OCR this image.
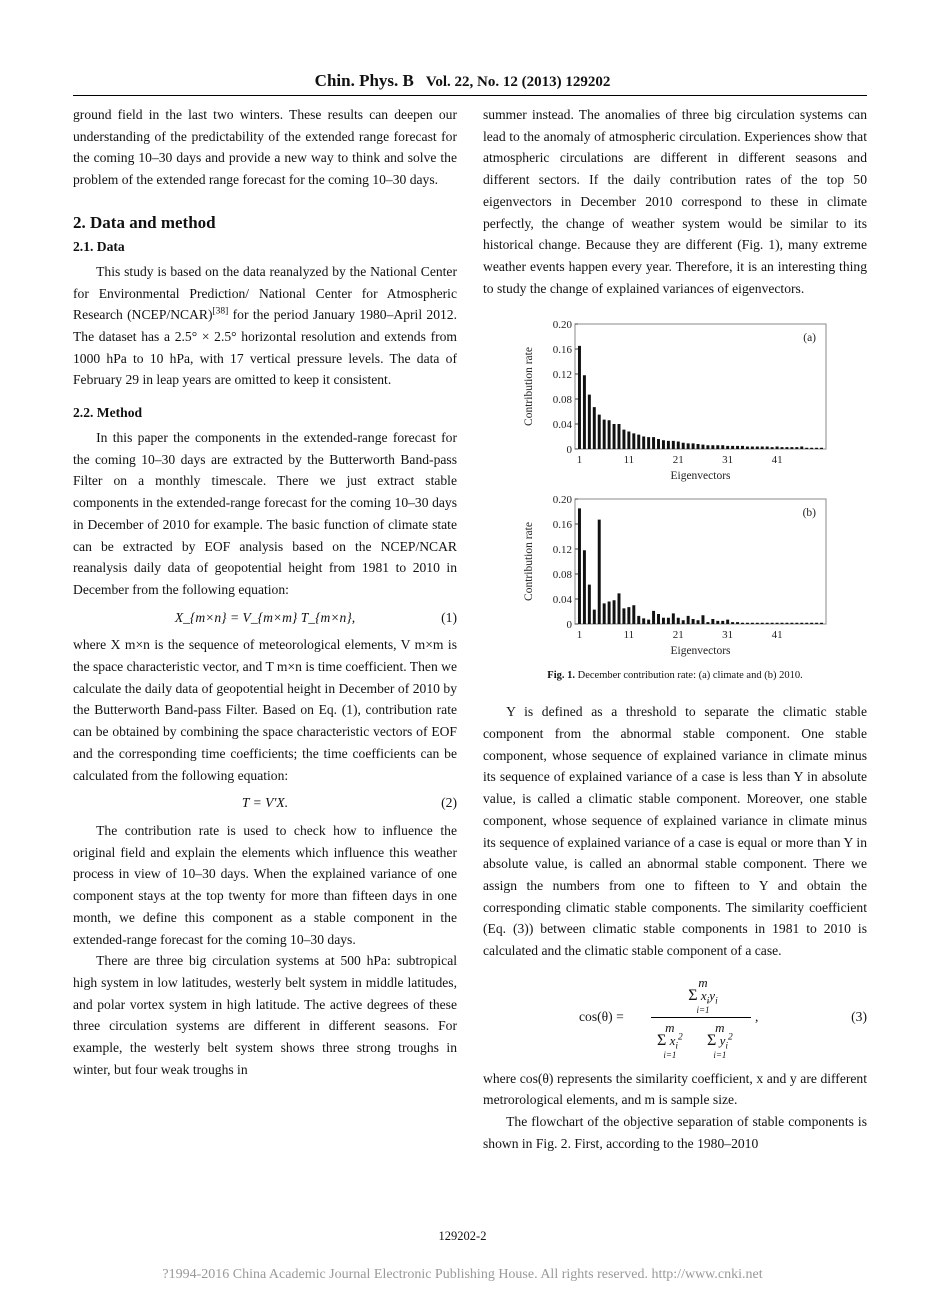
Chin. Phys. B Vol. 22, No. 12 (2013) 129202

ground field in the last two winters. These results can deepen our understanding of the predictability of the extended range forecast for the coming 10–30 days and provide a new way to think and solve the problem of the extended range forecast for the coming 10–30 days.

2. Data and method
2.1. Data

This study is based on the data reanalyzed by the National Center for Environmental Prediction/ National Center for Atmospheric Research (NCEP/NCAR)[38] for the period January 1980–April 2012. The dataset has a 2.5° × 2.5° horizontal resolution and extends from 1000 hPa to 10 hPa, with 17 vertical pressure levels. The data of February 29 in leap years are omitted to keep it consistent.

2.2. Method

In this paper the components in the extended-range forecast for the coming 10–30 days are extracted by the Butterworth Band-pass Filter on a monthly timescale. There we just extract stable components in the extended-range forecast for the coming 10–30 days in December of 2010 for example. The basic function of climate state can be extracted by EOF analysis based on the NCEP/NCAR reanalysis daily data of geopotential height from 1981 to 2010 in December from the following equation:

X_{m×n} = V_{m×m} T_{m×n},	(1)

where X m×n is the sequence of meteorological elements, V m×m is the space characteristic vector, and T m×n is time coefficient. Then we calculate the daily data of geopotential height in December of 2010 by the Butterworth Band-pass Filter. Based on Eq. (1), contribution rate can be obtained by combining the space characteristic vectors of EOF and the corresponding time coefficients; the time coefficients can be calculated from the following equation:

T = V′X.	(2)

The contribution rate is used to check how to influence the original field and explain the elements which influence this weather process in view of 10–30 days. When the explained variance of one component stays at the top twenty for more than fifteen days in one month, we define this component as a stable component in the extended-range forecast for the coming 10–30 days.

There are three big circulation systems at 500 hPa: subtropical high system in low latitudes, westerly belt system in middle latitudes, and polar vortex system in high latitude. The active degrees of these three circulation systems are different in different seasons. For example, the westerly belt system shows three strong troughs in winter, but four weak troughs in

summer instead. The anomalies of three big circulation systems can lead to the anomaly of atmospheric circulation. Experiences show that atmospheric circulations are different in different seasons and different sectors. If the daily contribution rates of the top 50 eigenvectors in December 2010 correspond to these in climate perfectly, the change of weather system would be similar to its historical change. Because they are different (Fig. 1), many extreme weather events happen every year. Therefore, it is an interesting thing to study the change of explained variances of eigenvectors.

0
0.04
0.08
0.12
0.16
0.20
1	11	21	31	41
Eigenvectors
Contribution rate
(a)
0
0.04
0.08
0.12
0.16
0.20
1	11	21	31	41
Eigenvectors
Contribution rate
(b)
Fig. 1. December contribution rate: (a) climate and (b) 2010.

Y is defined as a threshold to separate the climatic stable component from the abnormal stable component. One stable component, whose sequence of explained variance in climate minus its sequence of explained variance of a case is less than Y in absolute value, is called a climatic stable component. Moreover, one stable component, whose sequence of explained variance in climate minus its sequence of explained variance of a case is equal or more than Y in absolute value, is called an abnormal stable component. There we assign the numbers from one to fifteen to Y and obtain the corresponding climatic stable components. The similarity coefficient (Eq. (3)) between climatic stable components in 1981 to 2010 is calculated and the climatic stable component of a case.

cos(θ) =
m
Σ $x_iy_i$
i=1
m
Σ $x_i^2$
i=1
m
Σ $y_i^2$
i=1
,	(3)

where cos(θ) represents the similarity coefficient, x and y are different metrorological elements, and m is sample size.

The flowchart of the objective separation of stable components is shown in Fig. 2. First, according to the 1980–2010

129202-2
?1994-2016 China Academic Journal Electronic Publishing House. All rights reserved. http://www.cnki.net
